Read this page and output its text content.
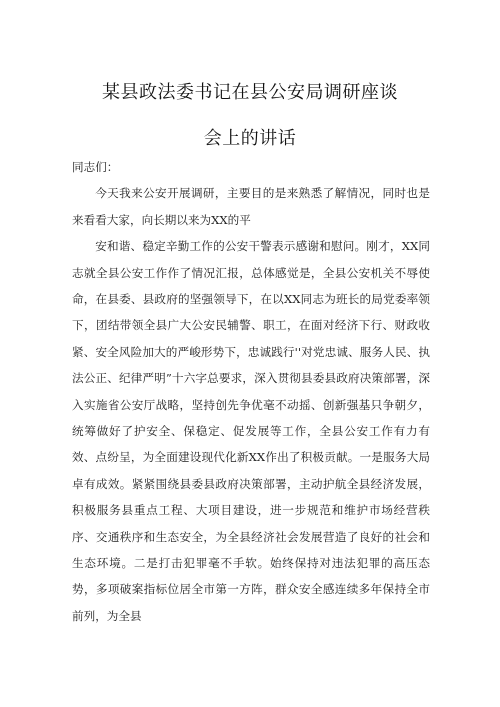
某县政法委书记在县公安局调研座谈
会上的讲话

同志们：

今天我来公安开展调研，主要目的是来熟悉了解情况，同时也是来看看大家，向长期以来为XX的平

安和谐、稳定辛勤工作的公安干警表示感谢和慰问。刚才，XX同志就全县公安工作作了情况汇报，总体感觉是，全县公安机关不辱使命，在县委、县政府的坚强领导下，在以XX同志为班长的局党委率领下，团结带领全县广大公安民辅警、职工，在面对经济下行、财政收紧、安全风险加大的严峻形势下，忠诚践行''对党忠诚、服务人民、执法公正、纪律严明”十六字总要求，深入贯彻县委县政府决策部署，深入实施省公安厅战略，坚持创先争优毫不动摇、创新强基只争朝夕，统筹做好了护安全、保稳定、促发展等工作，全县公安工作有力有效、点纷呈，为全面建设现代化新XX作出了积极贡献。一是服务大局卓有成效。紧紧围绕县委县政府决策部署，主动护航全县经济发展，积极服务县重点工程、大项目建设，进一步规范和维护市场经营秩序、交通秩序和生态安全，为全县经济社会发展营造了良好的社会和生态环境。二是打击犯罪毫不手软。始终保持对违法犯罪的高压态势，多项破案指标位居全市第一方阵，群众安全感连续多年保持全市前列，为全县
